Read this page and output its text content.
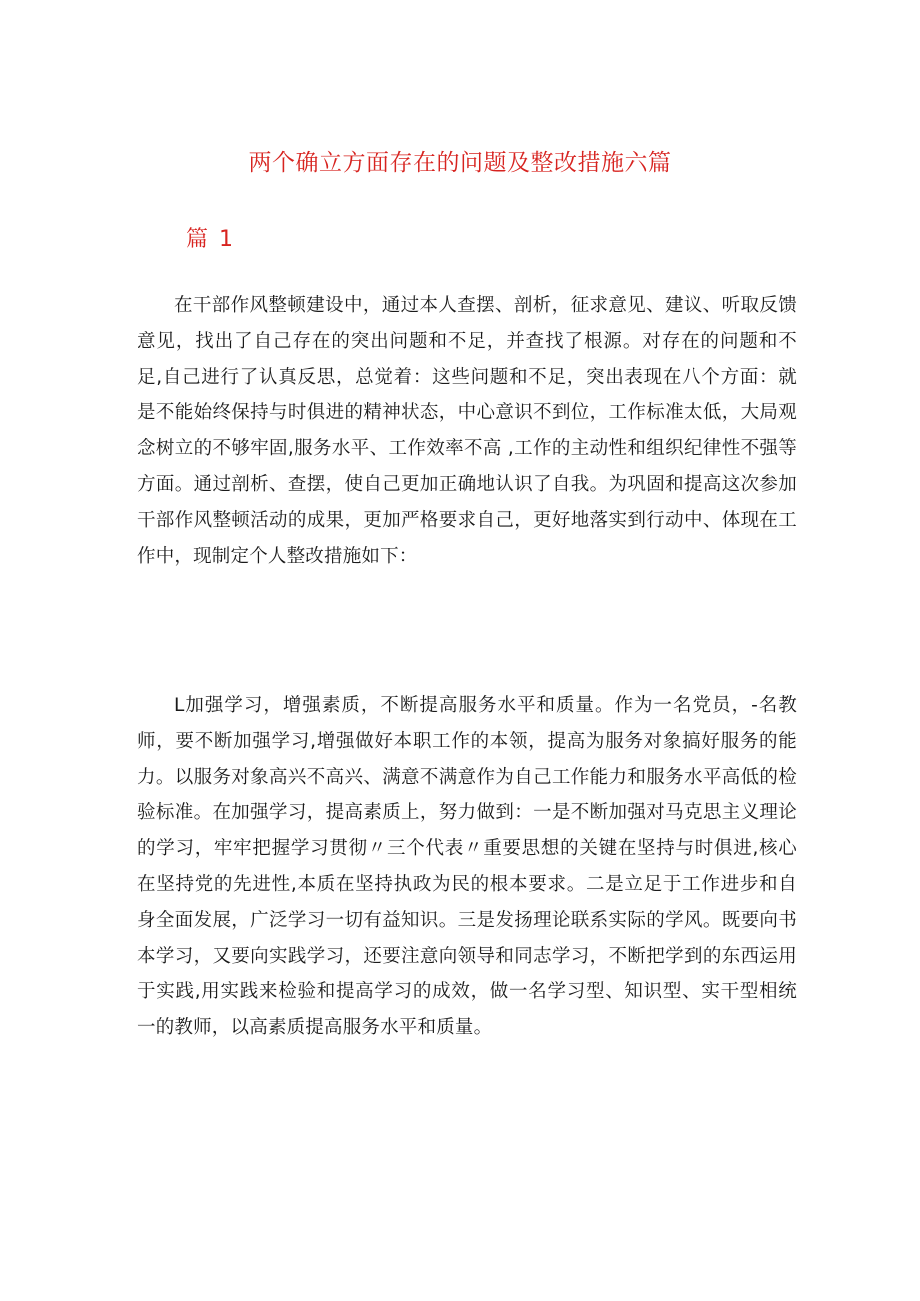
两个确立方面存在的问题及整改措施六篇
篇 1

在干部作风整顿建设中，通过本人查摆、剖析，征求意见、建议、听取反馈意见，找出了自己存在的突出问题和不足，并查找了根源。对存在的问题和不足,自己进行了认真反思，总觉着：这些问题和不足，突出表现在八个方面：就是不能始终保持与时俱进的精神状态，中心意识不到位，工作标准太低，大局观念树立的不够牢固,服务水平、工作效率不高 ,工作的主动性和组织纪律性不强等方面。通过剖析、查摆，使自己更加正确地认识了自我。为巩固和提高这次参加干部作风整顿活动的成果，更加严格要求自己，更好地落实到行动中、体现在工作中，现制定个人整改措施如下：

L加强学习，增强素质，不断提高服务水平和质量。作为一名党员，-名教师，要不断加强学习,增强做好本职工作的本领，提高为服务对象搞好服务的能力。以服务对象高兴不高兴、满意不满意作为自己工作能力和服务水平高低的检验标准。在加强学习，提高素质上，努力做到：一是不断加强对马克思主义理论的学习，牢牢把握学习贯彻〃三个代表〃重要思想的关键在坚持与时俱进,核心在坚持党的先进性,本质在坚持执政为民的根本要求。二是立足于工作进步和自身全面发展，广泛学习一切有益知识。三是发扬理论联系实际的学风。既要向书本学习，又要向实践学习，还要注意向领导和同志学习，不断把学到的东西运用于实践,用实践来检验和提高学习的成效，做一名学习型、知识型、实干型相统一的教师，以高素质提高服务水平和质量。
